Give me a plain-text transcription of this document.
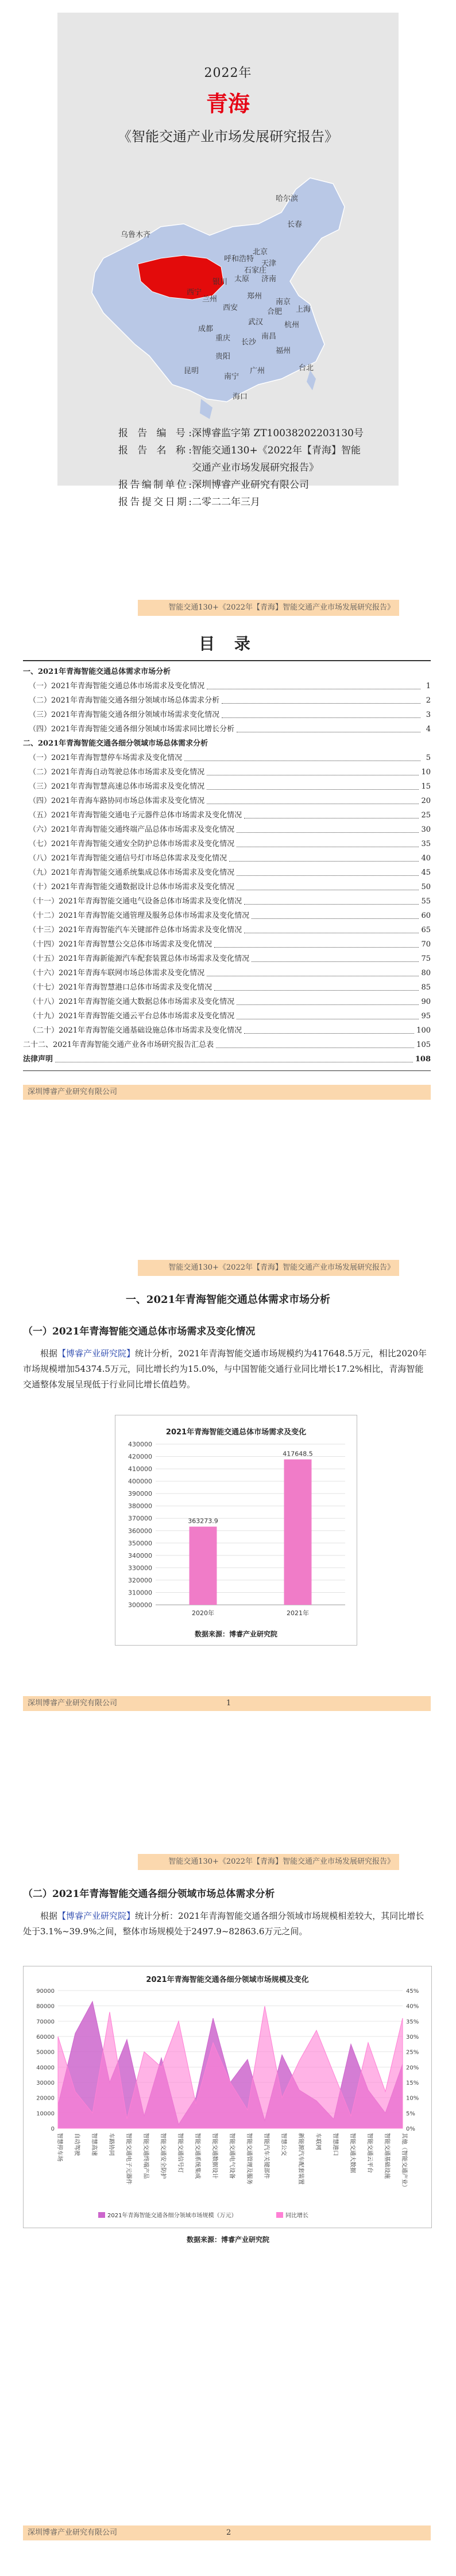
2022年
青海
《智能交通产业市场发展研究报告》
哈尔滨
长春
乌鲁木齐
呼和浩特
北京
天津
银川 太原
石家庄
济南
西宁
兰州	郑州
西安
南京
上海
合肥
成都
武汉	杭州
重庆 长沙
南昌
福州
贵阳
昆明	台北
南宁
广州
海口
报 告 编 号:深博睿监字第 ZT100382022031​30号
报 告 名 称:智能交通130+《2022年【青海】智能交通产业市场发展研究报告》
报告编制单位:深圳博睿产业研究有限公司
报告提交日期:二零二二年三月
智能交通130+《2022年【青海】智能交通产业市场发展研究报告》
目 录
一、2021年青海智能交通总体需求市场分析
（一）2021年青海智能交通总体市场需求及变化情况	1
（二）2021年青海智能交通各细分领域市场总体需求分析	2
（三）2021年青海智能交通各细分领域市场需求变化情况	3
（四）2021年青海智能交通各细分领域市场需求同比增长分析	4
二、2021年青海智能交通各细分领域市场总体需求分析
（一）2021年青海智慧停车场需求及变化情况	5
（二）2021年青海自动驾驶总体市场需求及变化情况	10
（三）2021年青海智慧高速总体市场需求及变化情况	15
（四）2021年青海车路协同市场总体需求及变化情况	20
（五）2021年青海智能交通电子元器件总体市场需求及变化情况	25
（六）2021年青海智能交通终端产品总体市场需求及变化情况	30
（七）2021年青海智能交通安全防护总体市场需求及变化情况	35
（八）2021年青海智能交通信号灯市场总体需求及变化情况	40
（九）2021年青海智能交通系统集成总体市场需求及变化情况	45
（十）2021年青海智能交通数据设计总体市场需求及变化情况	50
（十一）2021年青海智能交通电气设备总体市场需求及变化情况	55
（十二）2021年青海智能交通管理及服务总体市场需求及变化情况	60
（十三）2021年青海智能汽车关键部件总体市场需求及变化情况	65
（十四）2021年青海智慧公交总体市场需求及变化情况	70
（十五）2021年青海新能源汽车配套装置总体市场需求及变化情况	75
（十六）2021年青海车联网市场总体需求及变化情况	80
（十七）2021年青海智慧港口总体市场需求及变化情况	85
（十八）2021年青海智能交通大数据总体市场需求及变化情况	90
（十九）2021年青海智能交通云平台总体市场需求及变化情况	95
（二十）2021年青海智能交通基础设施总体市场需求及变化情况	100
二十二、2021年青海智能交通产业各市场研究报告汇总表	105
法律声明	108
深圳博睿产业研究有限公司
智能交通130+《2022年【青海】智能交通产业市场发展研究报告》
一、2021年青海智能交通总体需求市场分析
（一）2021年青海智能交通总体市场需求及变化情况
根据【博睿产业研究院】统计分析，2021年青海智能交通市场规模约为417648.5万元，相比2020年市场规模增加54374.5万元，同比增长约为15.0%，与中国智能交通行业同比增长17.2%相比，青海智能交通整体发展呈现低于行业同比增长值趋势。
2021年青海智能交通总体市场需求及变化
430000
420000
410000
400000
390000
380000
370000
360000
350000
340000
330000
320000
310000
300000
363273.9
2020年
417648.5
2021年
数据来源：博睿产业研究院
深圳博睿产业研究有限公司	1
智能交通130+《2022年【青海】智能交通产业市场发展研究报告》
（二）2021年青海智能交通各细分领域市场总体需求分析
根据【博睿产业研究院】统计分析：2021年青海智能交通各细分领域市场规模相差较大，其同比增长处于3.1%~39.9%之间，整体市场规模处于2497.9~82863.6万元之间。
2021年青海智能交通各细分领域市场规模及变化
90000
80000
70000
60000
50000
40000
30000
20000
10000
0
45%
40%
35%
30%
25%
20%
15%
10%
5%
0%
智慧停车场 自动驾驶 智慧高速 车路协同 智能交通电子元器件 智能交通终端产品 智能交通安全防护 智能交通信号灯 智能交通系统集成 智能交通数据设计 智能交通电气设备 智能交通管理及服务 智能汽车关键部件 智慧公交 新能源汽车配套装置 车联网 智慧港口 智能交通大数据 智能交通云平台 智能交通基础设施 其他（智能交通产业）
2021年青海智能交通各细分领域市场规模（万元）	同比增长
数据来源：博睿产业研究院
深圳博睿产业研究有限公司	2
